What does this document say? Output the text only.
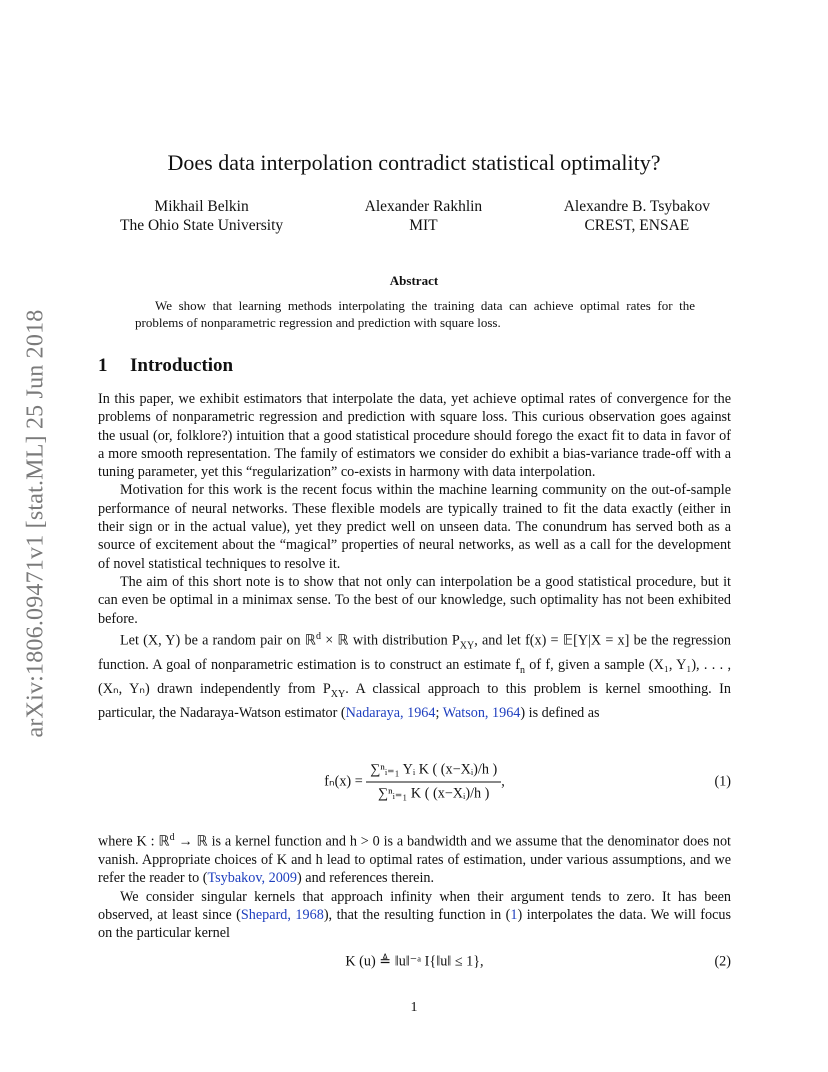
arXiv:1806.09471v1 [stat.ML] 25 Jun 2018
Does data interpolation contradict statistical optimality?
Mikhail Belkin
The Ohio State University
Alexander Rakhlin
MIT
Alexandre B. Tsybakov
CREST, ENSAE
Abstract
We show that learning methods interpolating the training data can achieve optimal rates for the problems of nonparametric regression and prediction with square loss.
1 Introduction

In this paper, we exhibit estimators that interpolate the data, yet achieve optimal rates of convergence for the problems of nonparametric regression and prediction with square loss. This curious observation goes against the usual (or, folklore?) intuition that a good statistical procedure should forego the exact fit to data in favor of a more smooth representation. The family of estimators we consider do exhibit a bias-variance trade-off with a tuning parameter, yet this “regularization” co-exists in harmony with data interpolation.

Motivation for this work is the recent focus within the machine learning community on the out-of-sample performance of neural networks. These flexible models are typically trained to fit the data exactly (either in their sign or in the actual value), yet they predict well on unseen data. The conundrum has served both as a source of excitement about the “magical” properties of neural networks, as well as a call for the development of novel statistical techniques to resolve it.

The aim of this short note is to show that not only can interpolation be a good statistical procedure, but it can even be optimal in a minimax sense. To the best of our knowledge, such optimality has not been exhibited before.

Let (X, Y) be a random pair on ℝ$^d$ × ℝ with distribution $P_{XY}$, and let f(x) = 𝔼[Y|X = x] be the regression function. A goal of nonparametric estimation is to construct an estimate $f_n$ of f, given a sample (X₁, Y₁), . . . , (Xₙ, Yₙ) drawn independently from $P_{XY}$. A classical approach to this problem is kernel smoothing. In particular, the Nadaraya-Watson estimator (Nadaraya, 1964; Watson, 1964) is defined as

$f_n(x) = \frac{\text{∑ⁿᵢ₌₁ Yᵢ K ( (x−Xᵢ)/h )}}{\text{∑ⁿᵢ₌₁ K ( (x−Xᵢ)/h )}}$ ,	(1)

where K : ℝ$^d$ → ℝ is a kernel function and h > 0 is a bandwidth and we assume that the denominator does not vanish. Appropriate choices of K and h lead to optimal rates of estimation, under various assumptions, and we refer the reader to (Tsybakov, 2009) and references therein.

We consider singular kernels that approach infinity when their argument tends to zero. It has been observed, at least since (Shepard, 1968), that the resulting function in (1) interpolates the data. We will focus on the particular kernel

K (u) ≜ ‖u‖⁻ᵃ I{‖u‖ ≤ 1},	(2)
1
